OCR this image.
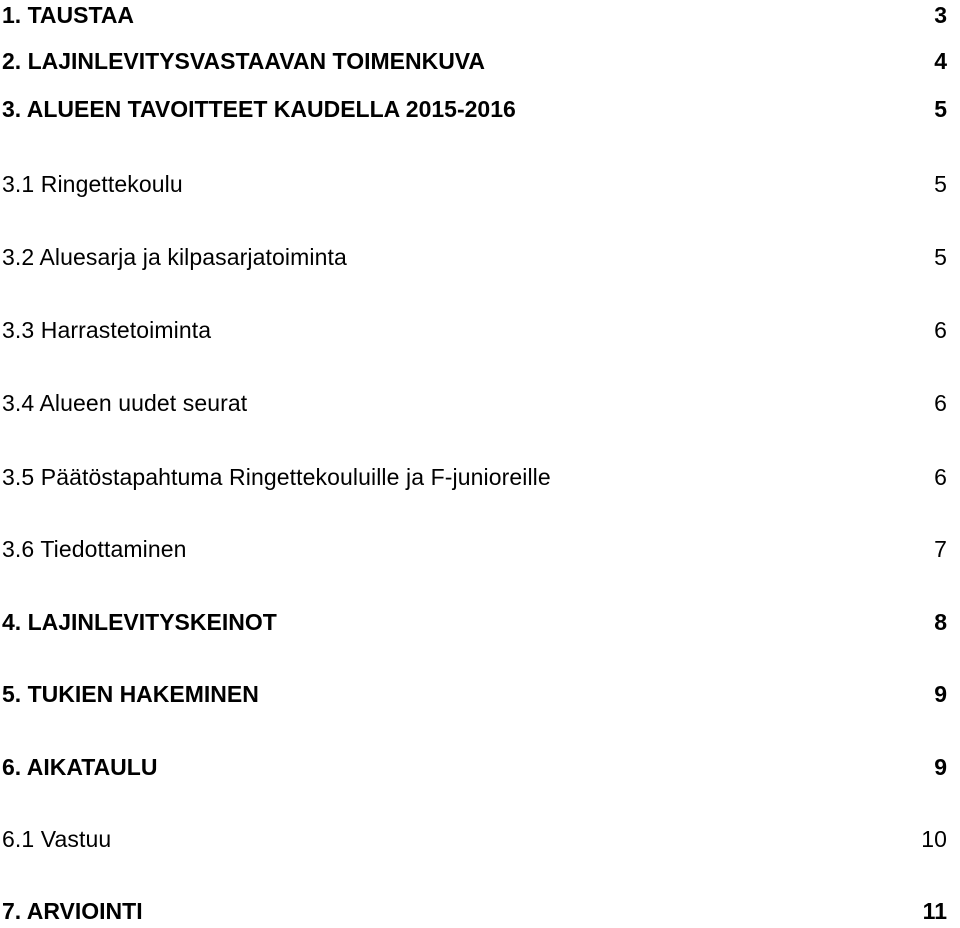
1. TAUSTAA	3
2. LAJINLEVITYSVASTAAVAN TOIMENKUVA	4
3. ALUEEN TAVOITTEET KAUDELLA 2015-2016	5
3.1 Ringettekoulu	5
3.2 Aluesarja ja kilpasarjatoiminta	5
3.3 Harrastetoiminta	6
3.4 Alueen uudet seurat	6
3.5 Päätöstapahtuma Ringettekouluille ja F-junioreille	6
3.6 Tiedottaminen	7
4. LAJINLEVITYSKEINOT	8
5. TUKIEN HAKEMINEN	9
6. AIKATAULU	9
6.1 Vastuu	10
7. ARVIOINTI	11
